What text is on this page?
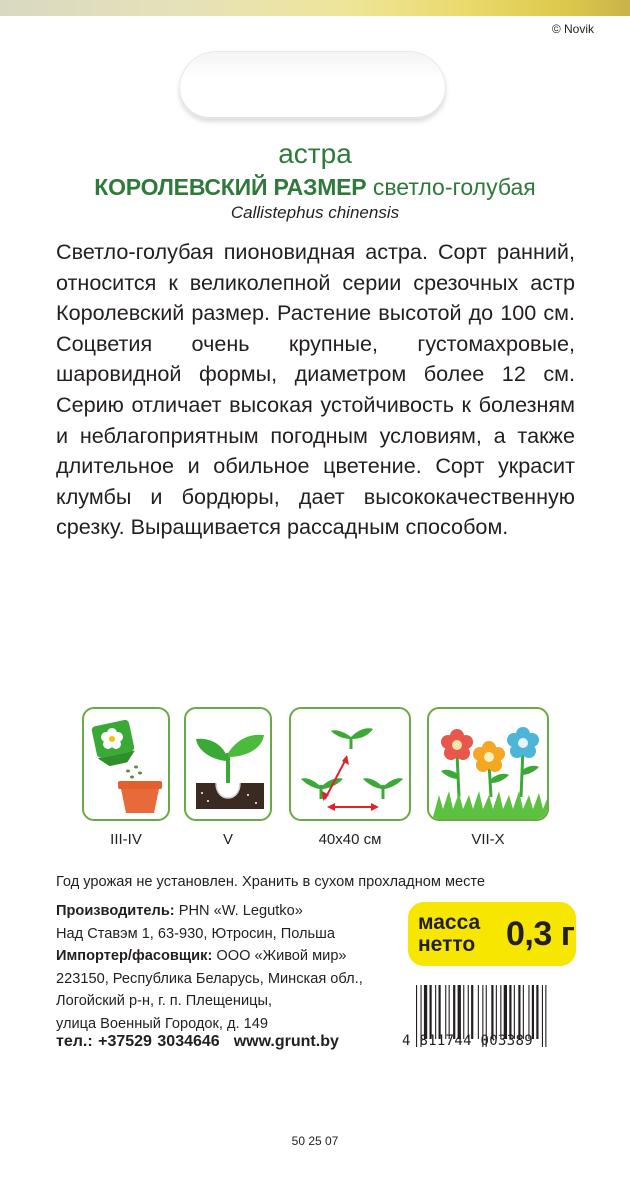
© Novik
астра
КОРОЛЕВСКИЙ РАЗМЕР светло-голубая
Callistephus chinensis
Светло-голубая пионовидная астра. Сорт ранний, относится к великолепной серии срезочных астр Королевский размер. Растение высотой до 100 см. Соцветия очень крупные, густомахровые, шаровидной формы, диаметром более 12 см. Серию отличает высокая устойчивость к болезням и неблагоприятным погодным условиям, а также длительное и обильное цветение. Сорт украсит клумбы и бордюры, дает высококачественную срезку. Выращивается рассадным способом.
III-IV	V	40x40 см	VII-X
Год урожая не установлен. Хранить в сухом прохладном месте
Производитель: PHN «W. Legutko»
Над Ставэм 1, 63-930, Ютросин, Польша
Импортер/фасовщик: ООО «Живой мир»
223150, Республика Беларусь, Минская обл.,
Логойский р-н, г. п. Плещеницы,
улица Военный Городок, д. 149
тел.: +37529 3034646 www.grunt.by
масса
нетто 0,3 г
4 811744 003389
50 25 07
